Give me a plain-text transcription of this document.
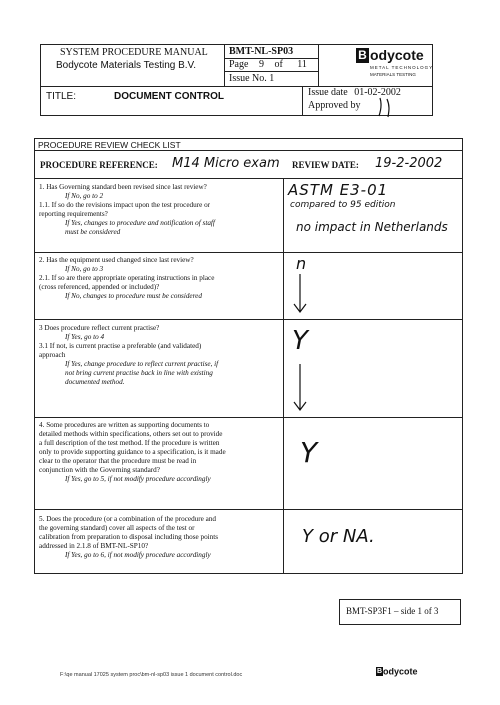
SYSTEM PROCEDURE MANUAL
Bodycote Materials Testing B.V.
BMT-NL-SP03
Page 9 of 11
Issue No. 1
B odycote
METAL TECHNOLOGY
MATERIALS TESTING
TITLE:	DOCUMENT CONTROL	Issue date 01-02-2002
Approved by
PROCEDURE REVIEW CHECK LIST
PROCEDURE REFERENCE: M14 Micro exam REVIEW DATE: 19-2-2002
1. Has Governing standard been revised since last review?
If No, go to 2
1.1. If so do the revisions impact upon the test procedure or
reporting requirements?
If Yes, changes to procedure and notification of staff
must be considered
ASTM E3-01
compared to 95 edition
no impact in Netherlands
2. Has the equipment used changed since last review?
If No, go to 3
2.1. If so are there appropriate operating instructions in place
(cross referenced, appended or included)?
If No, changes to procedure must be considered
n
3 Does procedure reflect current practise?
If Yes, go to 4
3.1 If not, is current practise a preferable (and validated)
approach
If Yes, change procedure to reflect current practise, if
not bring current practise back in line with existing
documented method.
Y
4. Some procedures are written as supporting documents to
detailed methods within specifications, others set out to provide
a full description of the test method. If the procedure is written
only to provide supporting guidance to a specification, is it made
clear to the operator that the procedure must be read in
conjunction with the Governing standard?
If Yes, go to 5, if not modify procedure accordingly
Y
5. Does the procedure (or a combination of the procedure and
the governing standard) cover all aspects of the test or
calibration from preparation to disposal including those points
addressed in 2.1.8 of BMT-NL-SP10?
If Yes, go to 6, if not modify procedure accordingly
Y or NA.
BMT-SP3F1 – side 1 of 3
Bodycote
F:\qe manual 17025 system proc\bm-nl-sp03 issue 1 document control.doc
